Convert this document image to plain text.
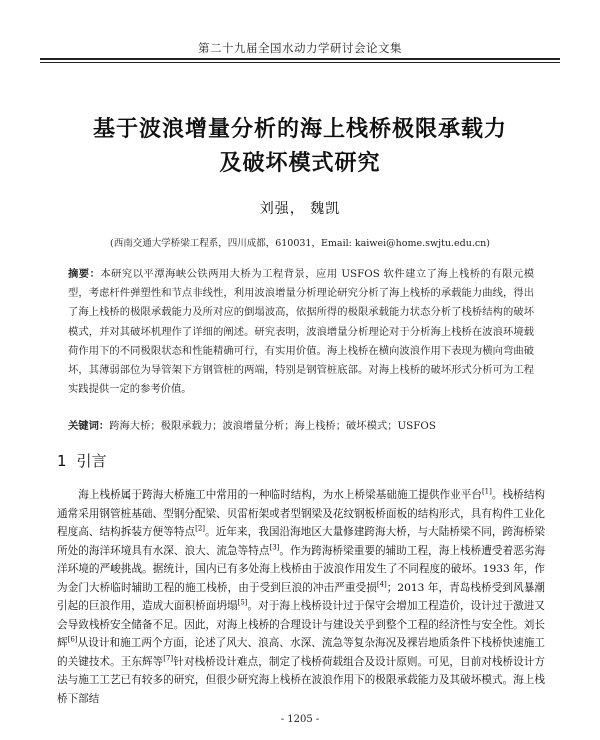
第二十九届全国水动力学研讨会论文集
基于波浪增量分析的海上栈桥极限承载力
及破坏模式研究
刘强， 魏凯
(西南交通大学桥梁工程系，四川成都，610031，Email: kaiwei@home.swjtu.edu.cn)

摘要：本研究以平潭海峡公铁两用大桥为工程背景，应用 USFOS 软件建立了海上栈桥的有限元模型，考虑杆件弹塑性和节点非线性，利用波浪增量分析理论研究分析了海上栈桥的承载能力曲线，得出了海上栈桥的极限承载能力及所对应的倒塌波高，依据所得的极限承载能力状态分析了栈桥结构的破坏模式，并对其破坏机理作了详细的阐述。研究表明，波浪增量分析理论对于分析海上栈桥在波浪环境载荷作用下的不同极限状态和性能精确可行，有实用价值。海上栈桥在横向波浪作用下表现为横向弯曲破坏，其薄弱部位为导管架下方钢管桩的两端，特别是钢管桩底部。对海上栈桥的破坏形式分析可为工程实践提供一定的参考价值。

关键词：跨海大桥；极限承载力；波浪增量分析；海上栈桥；破坏模式；USFOS

1 引言

海上栈桥属于跨海大桥施工中常用的一种临时结构，为水上桥梁基础施工提供作业平台[1]。栈桥结构通常采用钢管桩基础、型钢分配梁、贝雷桁架或者型钢梁及花纹钢板桥面板的结构形式，具有构件工业化程度高、结构拆装方便等特点[2]。近年来，我国沿海地区大量修建跨海大桥，与大陆桥梁不同，跨海桥梁所处的海洋环境具有水深、浪大、流急等特点[3]。作为跨海桥梁重要的辅助工程，海上栈桥遭受着恶劣海洋环境的严峻挑战。据统计，国内已有多处海上栈桥由于波浪作用发生了不同程度的破坏。1933 年，作为金门大桥临时辅助工程的施工栈桥，由于受到巨浪的冲击严重受损[4]；2013 年，青岛栈桥受到风暴潮引起的巨浪作用，造成大面积桥面坍塌[5]。对于海上栈桥设计过于保守会增加工程造价，设计过于激进又会导致栈桥安全储备不足。因此，对海上栈桥的合理设计与建设关乎到整个工程的经济性与安全性。刘长辉[6]从设计和施工两个方面，论述了风大、浪高、水深、流急等复杂海况及裸岩地质条件下栈桥快速施工的关键技术。王东辉等[7]针对栈桥设计难点，制定了栈桥荷载组合及设计原则。可见，目前对栈桥设计方法与施工工艺已有较多的研究，但很少研究海上栈桥在波浪作用下的极限承载能力及其破坏模式。海上栈桥下部结

- 1205 -
